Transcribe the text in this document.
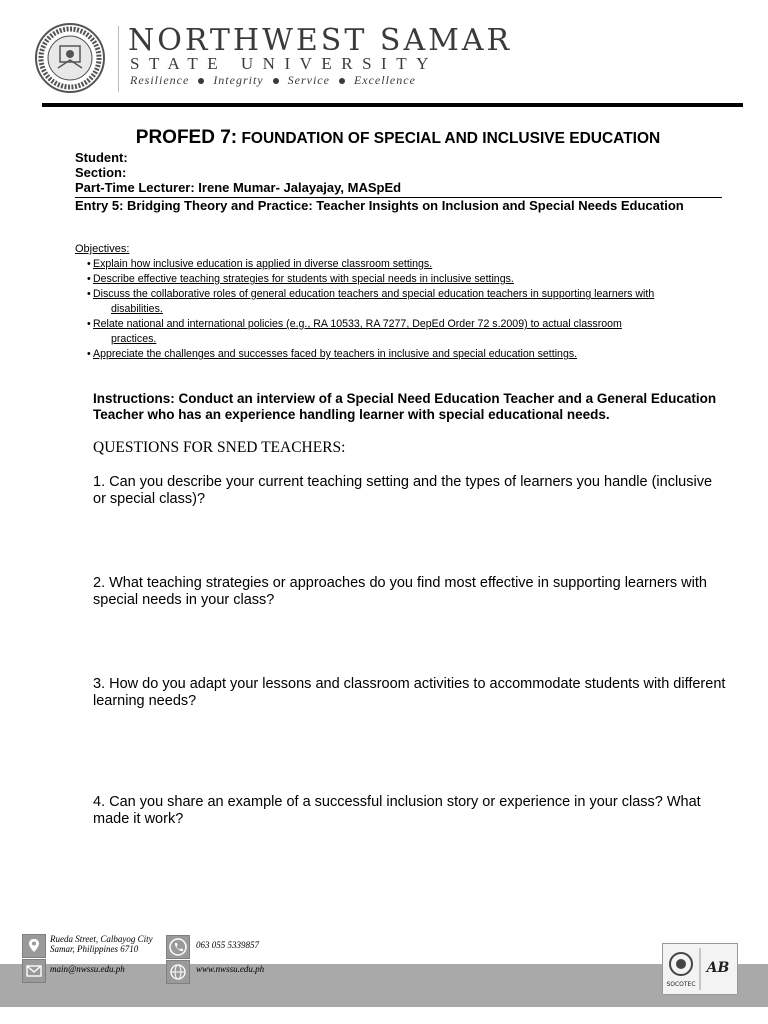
NORTHWEST SAMAR
STATE UNIVERSITY
Resilience Integrity Service Excellence
PROFED 7: FOUNDATION OF SPECIAL AND INCLUSIVE EDUCATION
Student:
Section:
Part-Time Lecturer: Irene Mumar- Jalayajay, MASpEd
Entry 5: Bridging Theory and Practice: Teacher Insights on Inclusion and Special Needs Education
Objectives:
• Explain how inclusive education is applied in diverse classroom settings.
• Describe effective teaching strategies for students with special needs in inclusive settings.
• Discuss the collaborative roles of general education teachers and special education teachers in supporting learners with
disabilities.
• Relate national and international policies (e.g., RA 10533, RA 7277, DepEd Order 72 s.2009) to actual classroom
practices.
• Appreciate the challenges and successes faced by teachers in inclusive and special education settings.
Instructions: Conduct an interview of a Special Need Education Teacher and a General Education Teacher who has an experience handling learner with special educational needs.
QUESTIONS FOR SNED TEACHERS:
1. Can you describe your current teaching setting and the types of learners you handle (inclusive or special class)?
2. What teaching strategies or approaches do you find most effective in supporting learners with special needs in your class?
3. How do you adapt your lessons and classroom activities to accommodate students with different learning needs?
4. Can you share an example of a successful inclusion story or experience in your class? What made it work?
Rueda Street, Calbayog City
Samar, Philippines 6710	063 055 5339857
main@nwssu.edu.ph	www.nwssu.edu.ph
SOCOTEC
AB
